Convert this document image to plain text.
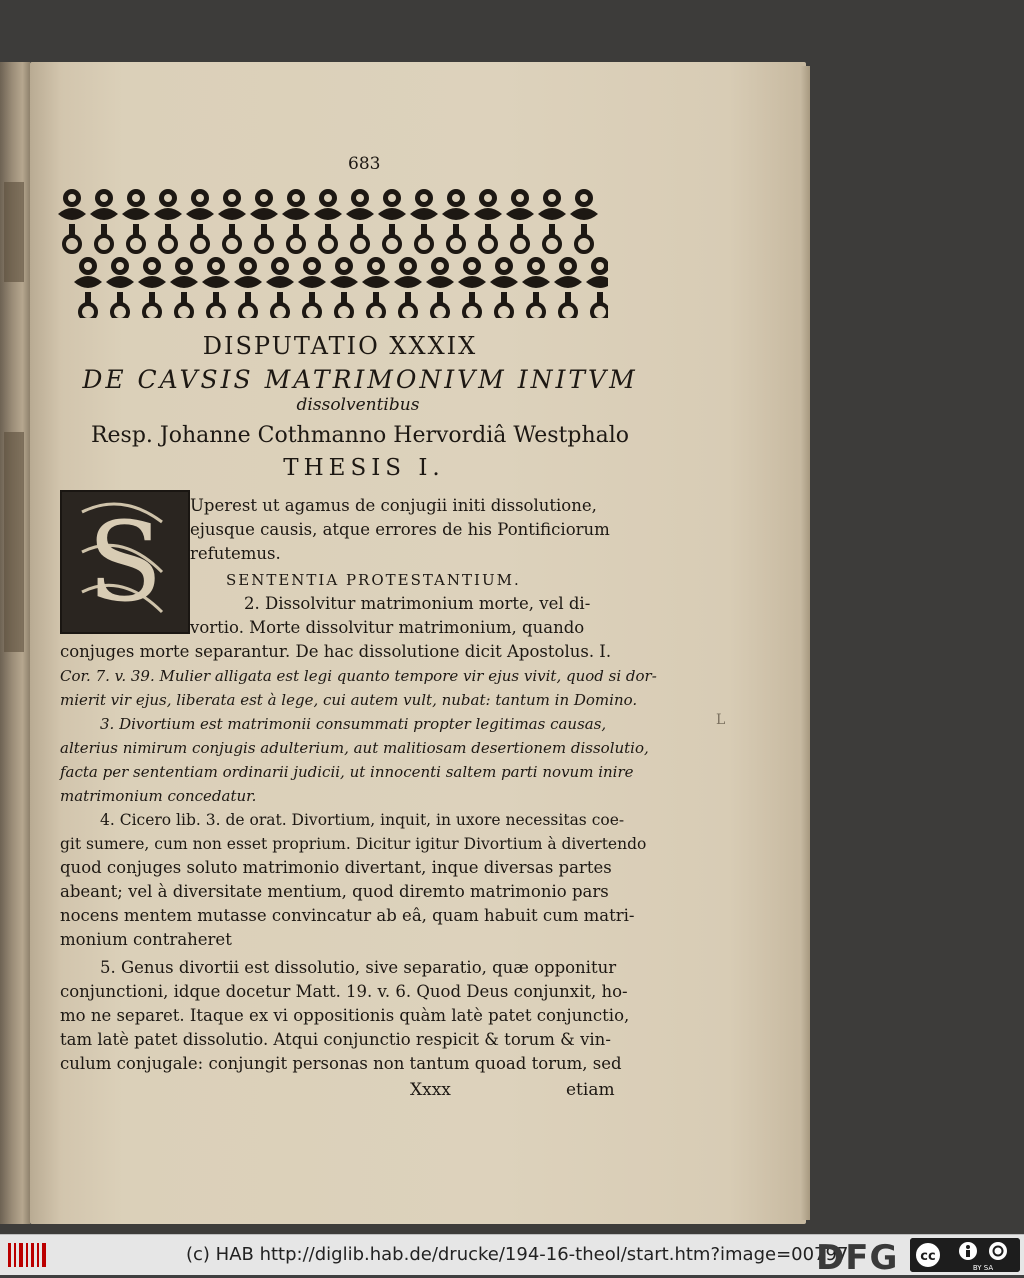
683
DISPUTATIO XXXIX
DE CAVSIS MATRIMONIVM INITVM
dissolventibus
Resp. Johanne Cothmanno Hervordiâ Westphalo
THESIS I.
S Uperest ut agamus de conjugii initi dissolutione,
ejusque causis, atque errores de his Pontificiorum
refutemus.
SENTENTIA PROTESTANTIUM.
2. Dissolvitur matrimonium morte, vel di-
vortio. Morte dissolvitur matrimonium, quando
conjuges morte separantur. De hac dissolutione dicit Apostolus. I.
Cor. 7. v. 39. Mulier alligata est legi quanto tempore vir ejus vivit, quod si dor-
mierit vir ejus, liberata est à lege, cui autem vult, nubat: tantum in Domino.
3. Divortium est matrimonii consummati propter legitimas causas,
alterius nimirum conjugis adulterium, aut malitiosam desertionem dissolutio,
facta per sententiam ordinarii judicii, ut innocenti saltem parti novum inire
matrimonium concedatur.
4. Cicero lib. 3. de orat. Divortium, inquit, in uxore necessitas coe-
git sumere, cum non esset proprium. Dicitur igitur Divortium à divertendo
quod conjuges soluto matrimonio divertant, inque diversas partes
abeant; vel à diversitate mentium, quod diremto matrimonio pars
nocens mentem mutasse convincatur ab eâ, quam habuit cum matri-
monium contraheret
5. Genus divortii est dissolutio, sive separatio, quæ opponitur
conjunctioni, idque docetur Matt. 19. v. 6. Quod Deus conjunxit, ho-
mo ne separet. Itaque ex vi oppositionis quàm latè patet conjunctio,
tam latè patet dissolutio. Atqui conjunctio respicit & torum & vin-
culum conjugale: conjungit personas non tantum quoad torum, sed
Xxxx	etiam
L
(c) HAB http://diglib.hab.de/drucke/194-16-theol/start.htm?image=00797
DFG cc
BY SA
